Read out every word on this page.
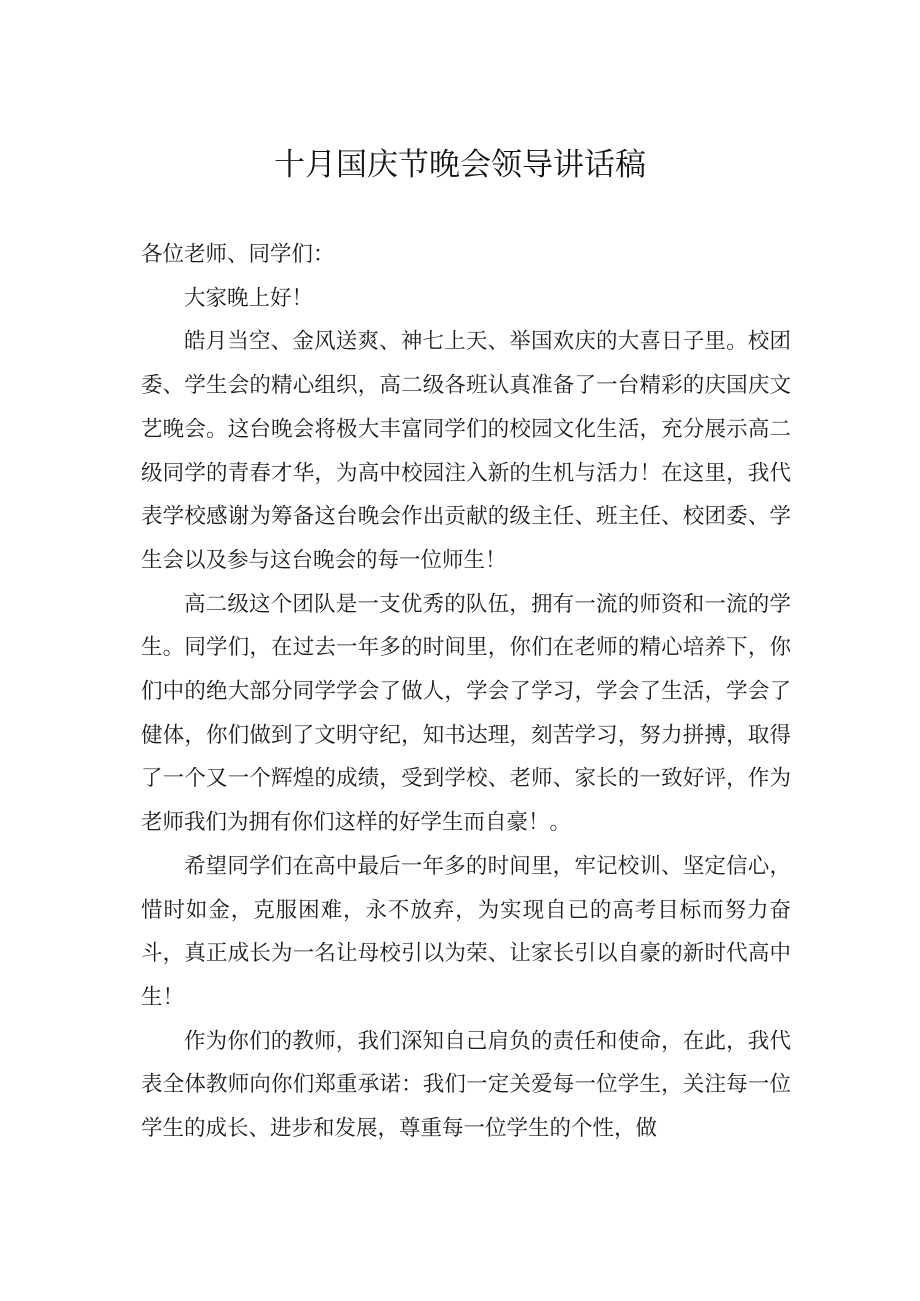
十月国庆节晚会领导讲话稿

各位老师、同学们：

大家晚上好！

皓月当空、金风送爽、神七上天、举国欢庆的大喜日子里。校团委、学生会的精心组织，高二级各班认真准备了一台精彩的庆国庆文艺晚会。这台晚会将极大丰富同学们的校园文化生活，充分展示高二级同学的青春才华，为高中校园注入新的生机与活力！在这里，我代表学校感谢为筹备这台晚会作出贡献的级主任、班主任、校团委、学生会以及参与这台晚会的每一位师生！

高二级这个团队是一支优秀的队伍，拥有一流的师资和一流的学生。同学们，在过去一年多的时间里，你们在老师的精心培养下，你们中的绝大部分同学学会了做人，学会了学习，学会了生活，学会了健体，你们做到了文明守纪，知书达理，刻苦学习，努力拼搏，取得了一个又一个辉煌的成绩，受到学校、老师、家长的一致好评，作为老师我们为拥有你们这样的好学生而自豪！。

希望同学们在高中最后一年多的时间里，牢记校训、坚定信心，惜时如金，克服困难，永不放弃，为实现自已的高考目标而努力奋斗，真正成长为一名让母校引以为荣、让家长引以自豪的新时代高中生！

作为你们的教师，我们深知自己肩负的责任和使命，在此，我代表全体教师向你们郑重承诺：我们一定关爱每一位学生，关注每一位学生的成长、进步和发展，尊重每一位学生的个性，做
